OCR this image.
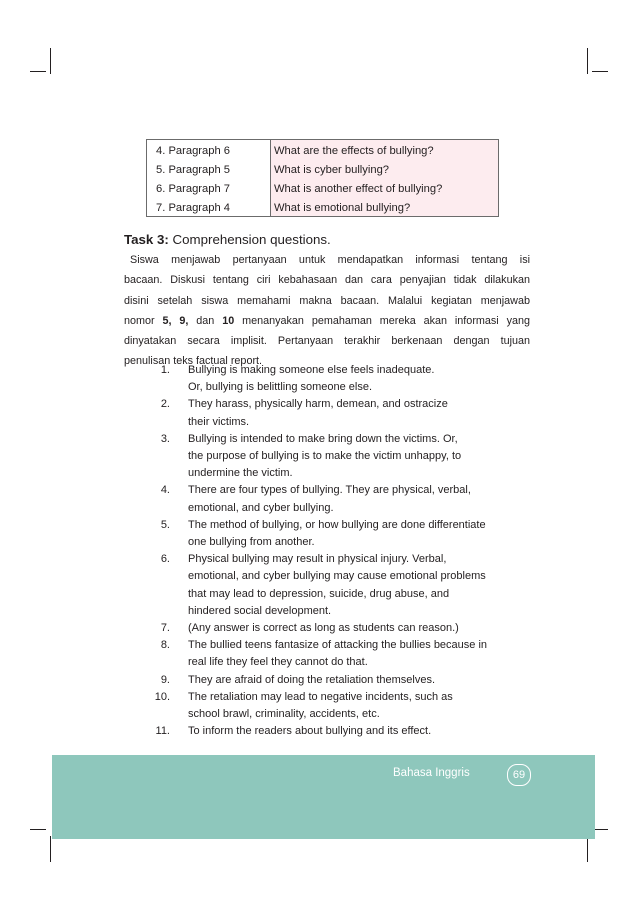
4. Paragraph 6
5. Paragraph 5
6. Paragraph 7
7. Paragraph 4
What are the effects of bullying?
What is cyber bullying?
What is another effect of bullying?
What is emotional bullying?
Task 3: Comprehension questions.
Siswa menjawab pertanyaan untuk mendapatkan informasi tentang isi
bacaan. Diskusi tentang ciri kebahasaan dan cara penyajian tidak dilakukan
disini setelah siswa memahami makna bacaan. Malalui kegiatan menjawab
nomor 5, 9, dan 10 menanyakan pemahaman mereka akan informasi yang
dinyatakan secara implisit. Pertanyaan terakhir berkenaan dengan tujuan
penulisan teks factual report.
1. Bullying is making someone else feels inadequate.
Or, bullying is belittling someone else.
2. They harass, physically harm, demean, and ostracize
their victims.
3. Bullying is intended to make bring down the victims. Or,
the purpose of bullying is to make the victim unhappy, to
undermine the victim.
4. There are four types of bullying. They are physical, verbal,
emotional, and cyber bullying.
5. The method of bullying, or how bullying are done differentiate
one bullying from another.
6. Physical bullying may result in physical injury. Verbal,
emotional, and cyber bullying may cause emotional problems
that may lead to depression, suicide, drug abuse, and
hindered social development.
7. (Any answer is correct as long as students can reason.)
8. The bullied teens fantasize of attacking the bullies because in
real life they feel they cannot do that.
9. They are afraid of doing the retaliation themselves.
10. The retaliation may lead to negative incidents, such as
school brawl, criminality, accidents, etc.
11. To inform the readers about bullying and its effect.
Bahasa Inggris	69
